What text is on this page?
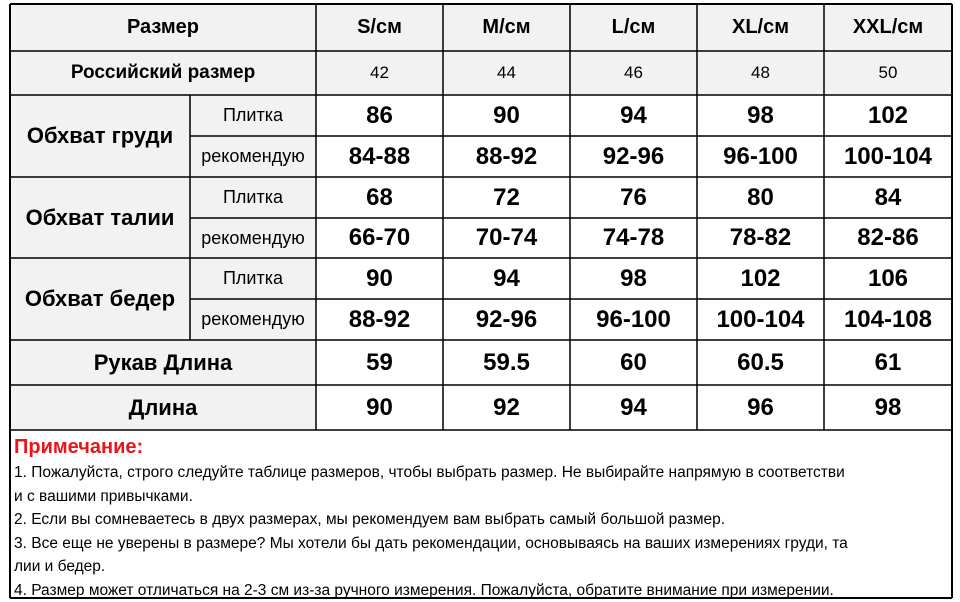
Размер	S/см	M/см	L/см	XL/см	XXL/см
Российский размер	42	44	46	48	50
Обхват груди
Плитка	86	90	94	98	102
рекомендую	84-88	88-92	92-96	96-100	100-104
Обхват талии
Плитка	68	72	76	80	84
рекомендую	66-70	70-74	74-78	78-82	82-86
Обхват бедер
Плитка	90	94	98	102	106
рекомендую	88-92	92-96	96-100	100-104	104-108
Рукав Длина	59	59.5	60	60.5	61
Длина	90	92	94	96	98
Примечание:
1. Пожалуйста, строго следуйте таблице размеров, чтобы выбрать размер. Не выбирайте напрямую в соответстви
и с вашими привычками.
2. Если вы сомневаетесь в двух размерах, мы рекомендуем вам выбрать самый большой размер.
3. Все еще не уверены в размере? Мы хотели бы дать рекомендации, основываясь на ваших измерениях груди, та
лии и бедер.
4. Размер может отличаться на 2-3 см из-за ручного измерения. Пожалуйста, обратите внимание при измерении.
